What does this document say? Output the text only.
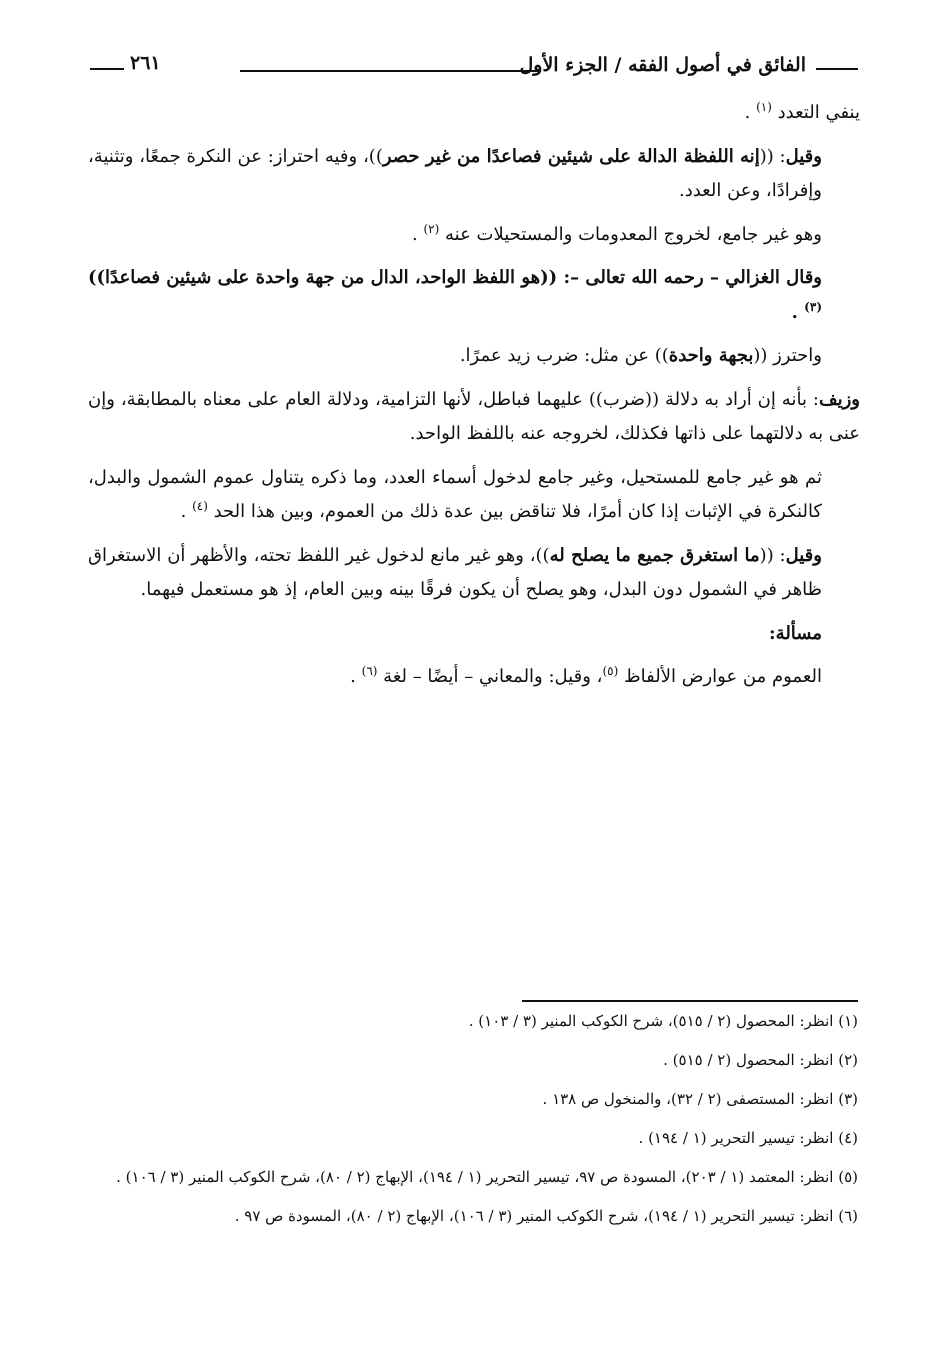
الفائق في أصول الفقه / الجزء الأول
٢٦١

ينفي التعدد $^{(١)}$ .

وقيل: ((إنه اللفظة الدالة على شيئين فصاعدًا من غير حصر))، وفيه احتراز: عن النكرة جمعًا، وتثنية، وإفرادًا، وعن العدد.

وهو غير جامع، لخروج المعدومات والمستحيلات عنه $^{(٢)}$ .

وقال الغزالي – رحمه الله تعالى –: ((هو اللفظ الواحد، الدال من جهة واحدة على شيئين فصاعدًا)) $^{(٣)}$ .

واحترز ((بجهة واحدة)) عن مثل: ضرب زيد عمرًا.

وزيف: بأنه إن أراد به دلالة ((ضرب)) عليهما فباطل، لأنها التزامية، ودلالة العام على معناه بالمطابقة، وإن عنى به دلالتهما على ذاتها فكذلك، لخروجه عنه باللفظ الواحد.

ثم هو غير جامع للمستحيل، وغير جامع لدخول أسماء العدد، وما ذكره يتناول عموم الشمول والبدل، كالنكرة في الإثبات إذا كان أمرًا، فلا تناقض بين عدة ذلك من العموم، وبين هذا الحد $^{(٤)}$ .

وقيل: ((ما استغرق جميع ما يصلح له))، وهو غير مانع لدخول غير اللفظ تحته، والأظهر أن الاستغراق ظاهر في الشمول دون البدل، وهو يصلح أن يكون فرقًا بينه وبين العام، إذ هو مستعمل فيهما.

مسألة:

العموم من عوارض الألفاظ $^{(٥)}$، وقيل: والمعاني – أيضًا – لغة $^{(٦)}$ .

(١) انظر: المحصول (٢ / ٥١٥)، شرح الكوكب المنير (٣ / ١٠٣) .

(٢) انظر: المحصول (٢ / ٥١٥) .

(٣) انظر: المستصفى (٢ / ٣٢)، والمنخول ص ١٣٨ .

(٤) انظر: تيسير التحرير (١ / ١٩٤) .

(٥) انظر: المعتمد (١ / ٢٠٣)، المسودة ص ٩٧، تيسير التحرير (١ / ١٩٤)، الإبهاج (٢ / ٨٠)، شرح الكوكب المنير (٣ / ١٠٦) .

(٦) انظر: تيسير التحرير (١ / ١٩٤)، شرح الكوكب المنير (٣ / ١٠٦)، الإبهاج (٢ / ٨٠)، المسودة ص ٩٧ .
